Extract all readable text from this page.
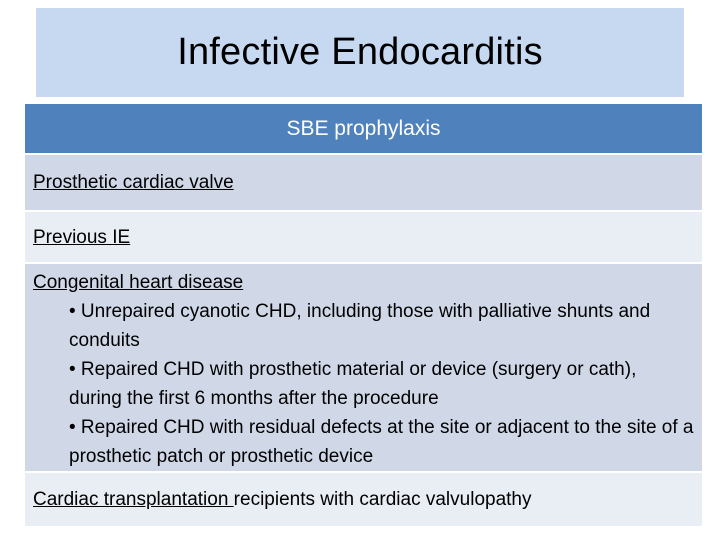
Infective Endocarditis
SBE prophylaxis
Prosthetic cardiac valve
Previous IE
Congenital heart disease
• Unrepaired cyanotic CHD, including those with palliative shunts and conduits
• Repaired CHD with prosthetic material or device (surgery or cath), during the first 6 months after the procedure
• Repaired CHD with residual defects at the site or adjacent to the site of a prosthetic patch or prosthetic device
Cardiac transplantation recipients with cardiac valvulopathy
